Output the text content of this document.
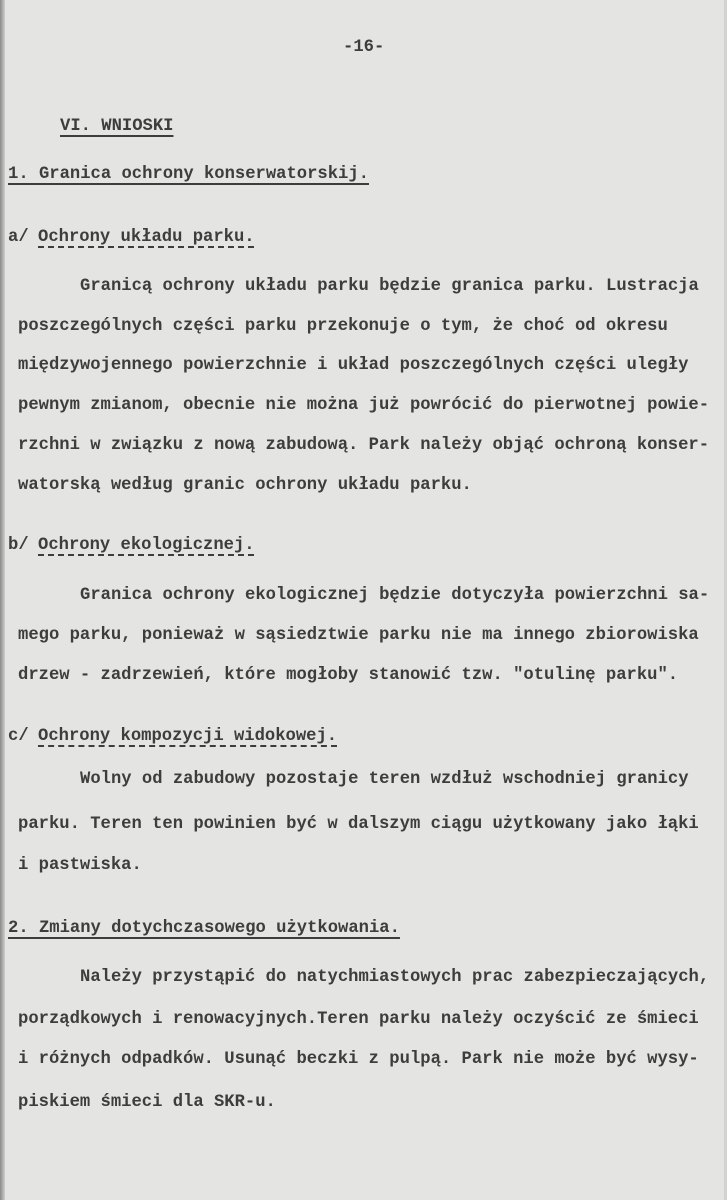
-16-
VI. WNIOSKI
1. Granica ochrony konserwatorskij.
a/ Ochrony układu parku.
Granicą ochrony układu parku będzie granica parku. Lustracja
poszczególnych części parku przekonuje o tym, że choć od okresu
międzywojennego powierzchnie i układ poszczególnych części uległy
pewnym zmianom, obecnie nie można już powrócić do pierwotnej powie-
rzchni w związku z nową zabudową. Park należy objąć ochroną konser-
watorską według granic ochrony układu parku.
b/ Ochrony ekologicznej.
Granica ochrony ekologicznej będzie dotyczyła powierzchni sa-
mego parku, ponieważ w sąsiedztwie parku nie ma innego zbiorowiska
drzew - zadrzewień, które mogłoby stanowić tzw. "otulinę parku".
c/ Ochrony kompozycji widokowej.
Wolny od zabudowy pozostaje teren wzdłuż wschodniej granicy
parku. Teren ten powinien być w dalszym ciągu użytkowany jako łąki
i pastwiska.
2. Zmiany dotychczasowego użytkowania.
Należy przystąpić do natychmiastowych prac zabezpieczających,
porządkowych i renowacyjnych.Teren parku należy oczyścić ze śmieci
i różnych odpadków. Usunąć beczki z pulpą. Park nie może być wysy-
piskiem śmieci dla SKR-u.
